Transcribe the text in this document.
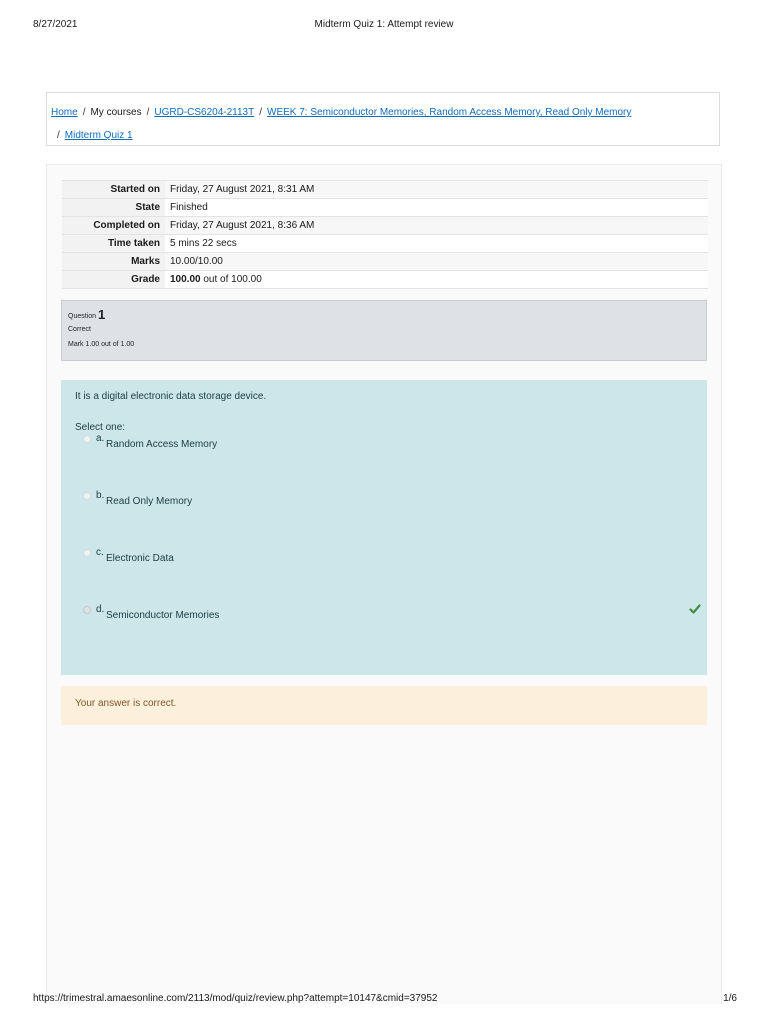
8/27/2021	Midterm Quiz 1: Attempt review
Home / My courses / UGRD-CS6204-2113T / WEEK 7: Semiconductor Memories, Random Access Memory, Read Only Memory
/ Midterm Quiz 1
Started on	Friday, 27 August 2021, 8:31 AM
State	Finished
Completed on	Friday, 27 August 2021, 8:36 AM
Time taken	5 mins 22 secs
Marks	10.00/10.00
Grade	100.00 out of 100.00
Question 1
Correct
Mark 1.00 out of 1.00
It is a digital electronic data storage device.
Select one:
a.
Random Access Memory
b.
Read Only Memory
c.
Electronic Data
d.
Semiconductor Memories
Your answer is correct.
https://trimestral.amaesonline.com/2113/mod/quiz/review.php?attempt=10147&cmid=37952	1/6
